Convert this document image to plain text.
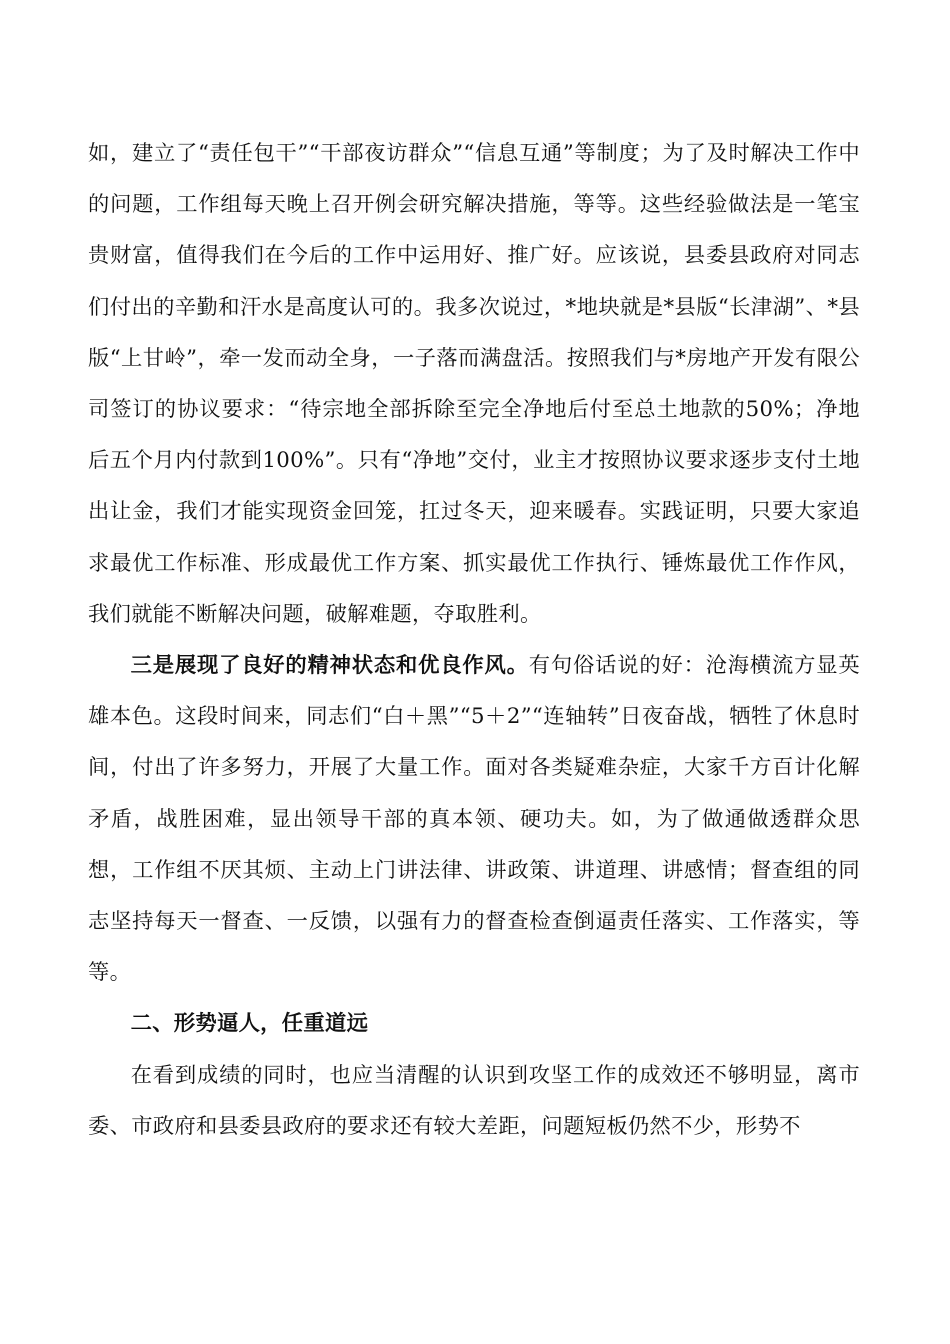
如，建立了“责任包干”“干部夜访群众”“信息互通”等制度；为了及时解决工作中的问题，工作组每天晚上召开例会研究解决措施，等等。这些经验做法是一笔宝贵财富，值得我们在今后的工作中运用好、推广好。应该说，县委县政府对同志们付出的辛勤和汗水是高度认可的。我多次说过，*地块就是*县版“长津湖”、*县版“上甘岭”，牵一发而动全身，一子落而满盘活。按照我们与*房地产开发有限公司签订的协议要求：“待宗地全部拆除至完全净地后付至总土地款的50%；净地后五个月内付款到100%”。只有“净地”交付，业主才按照协议要求逐步支付土地出让金，我们才能实现资金回笼，扛过冬天，迎来暖春。实践证明，只要大家追求最优工作标准、形成最优工作方案、抓实最优工作执行、锤炼最优工作作风，我们就能不断解决问题，破解难题，夺取胜利。

三是展现了良好的精神状态和优良作风。有句俗话说的好：沧海横流方显英雄本色。这段时间来，同志们“白＋黑”“5＋2”“连轴转”日夜奋战，牺牲了休息时间，付出了许多努力，开展了大量工作。面对各类疑难杂症，大家千方百计化解矛盾，战胜困难，显出领导干部的真本领、硬功夫。如，为了做通做透群众思想，工作组不厌其烦、主动上门讲法律、讲政策、讲道理、讲感情；督查组的同志坚持每天一督查、一反馈，以强有力的督查检查倒逼责任落实、工作落实，等等。

二、形势逼人，任重道远

在看到成绩的同时，也应当清醒的认识到攻坚工作的成效还不够明显，离市委、市政府和县委县政府的要求还有较大差距，问题短板仍然不少，形势不
